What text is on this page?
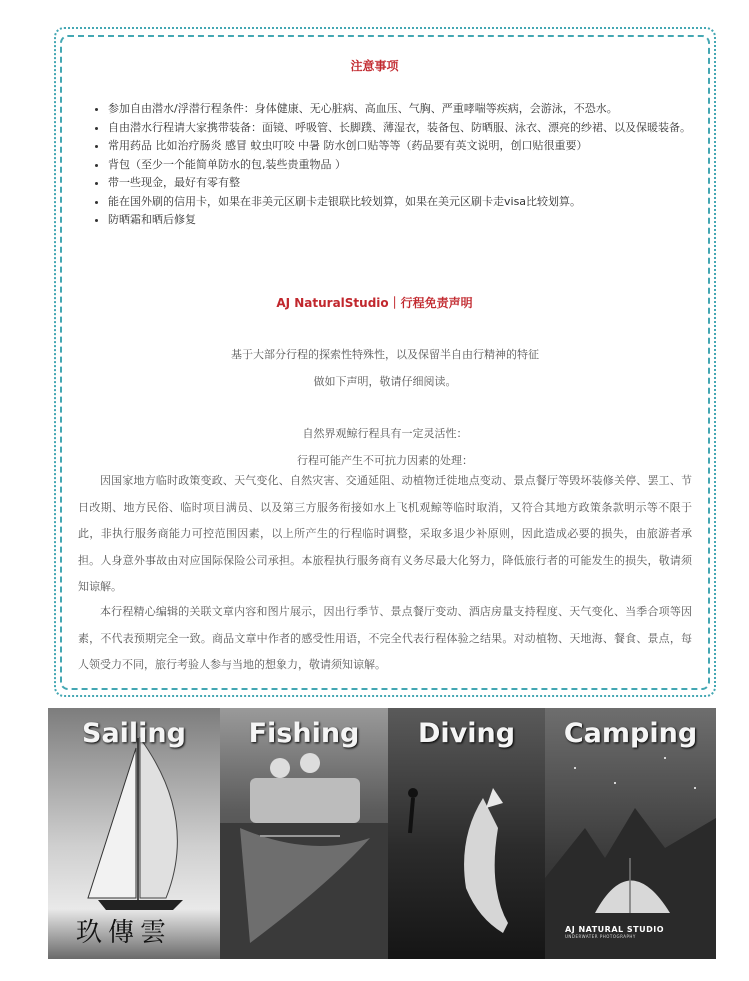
注意事项
• 参加自由潜水/浮潜行程条件：身体健康、无心脏病、高血压、气胸、严重哮喘等疾病，会游泳，不恐水。
• 自由潜水行程请大家携带装备：面镜、呼吸管、长脚蹼、薄湿衣，装备包、防晒服、泳衣、漂亮的纱裙、以及保暖装备。
• 常用药品 比如治疗肠炎 感冒 蚊虫叮咬 中暑 防水创口贴等等（药品要有英文说明，创口贴很重要）
• 背包（至少一个能简单防水的包,装些贵重物品 ）
• 带一些现金，最好有零有整
• 能在国外刷的信用卡，如果在非美元区刷卡走银联比较划算，如果在美元区刷卡走visa比较划算。
• 防晒霜和晒后修复
AJ NaturalStudio｜行程免责声明
基于大部分行程的探索性特殊性，以及保留半自由行精神的特征
做如下声明，敬请仔细阅读。
自然界观鲸行程具有一定灵活性：
行程可能产生不可抗力因素的处理：
因国家地方临时政策变政、天气变化、自然灾害、交通延阻、动植物迁徙地点变动、景点餐厅等毁坏装修关停、罢工、节日改期、地方民俗、临时项目满员、以及第三方服务衔接如水上飞机观鲸等临时取消，又符合其地方政策条款明示等不限于此，非执行服务商能力可控范围因素，以上所产生的行程临时调整，采取多退少补原则，因此造成必要的损失，由旅游者承担。人身意外事故由对应国际保险公司承担。本旅程执行服务商有义务尽最大化努力，降低旅行者的可能发生的损失，敬请须知谅解。
本行程精心编辑的关联文章内容和图片展示，因出行季节、景点餐厅变动、酒店房量支持程度、天气变化、当季合项等因素，不代表预期完全一致。商品文章中作者的感受性用语，不完全代表行程体验之结果。对动植物、天地海、餐食、景点，每人领受力不同，旅行考验人参与当地的想象力，敬请须知谅解。
Sailing
玖傳雲
Fishing	Diving	Camping
AJ NATURAL STUDIO
UNDERWATER PHOTOGRAPHY
